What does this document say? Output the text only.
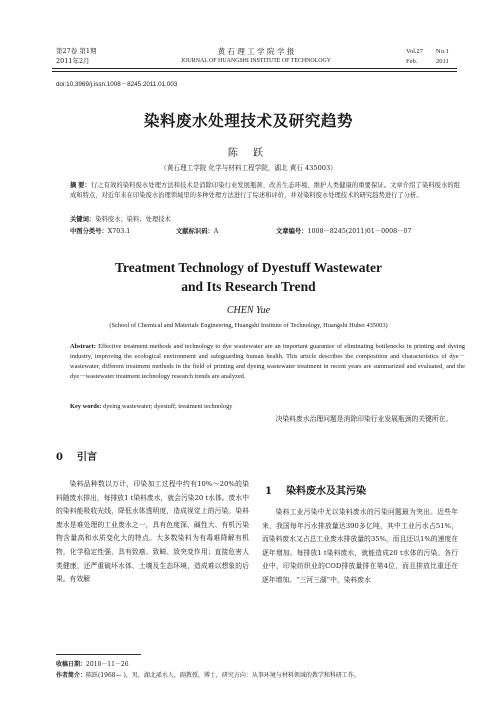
第27卷 第1期
2011年2月
黄 石 理 工 学 院 学 报
JOURNAL OF HUANGSHI INSTITUTE OF TECHNOLOGY
Vol.27 No.1
Feb.	2011
doi:10.3969/j.issn.1008－8245.2011.01.003
染料废水处理技术及研究趋势
陈 跃
（黄石理工学院 化学与材料工程学院，湖北 黄石 435003）
摘 要：行之有效的染料废水处理方法和技术是消除印染行业发展瓶颈、改善生态环境、维护人类健康的重要保证。文章介绍了染料废水的组成和特点，对近年来在印染废水治理领域里的多种处理方法进行了综述和评价，并对染料废水处理技术的研究趋势进行了分析。
关键词：染料废水；染料；处理技术
中图分类号：X703.1	文献标识码：A	文章编号：1008－8245(2011)01－0008－07
Treatment Technology of Dyestuff Wastewater
and Its Research Trend
CHEN Yue
(School of Chemical and Materials Engineering, Huangshi Institute of Technology, Huangshi Hubei 435003)
Abstract: Effective treatment methods and technology to dye wastewater are an important guarantee of eliminating bottlenecks in printing and dyeing industry, improving the ecological environment and safeguarding human health. This article describes the composition and characteristics of dye－wastewater, different treatment methods in the field of printing and dyeing wastewater treatment in recent years are summarized and evaluated, and the dye－wastewater treatment technology research trends are analyzed.
Key words: dyeing wastewater; dyestuff; treatment technology
0 引言
染料品种数以万计，印染加工过程中约有10%～20%的染料随废水排出，每排放1 t染料废水，就会污染20 t水体。废水中的染料能吸收光线，降低水体透明度，造成视觉上的污染。染料废水是难处理的工业废水之一，具有色度深、碱性大、有机污染物含量高和水质变化大的特点。大多数染料为有毒难降解有机物，化学稳定性强，具有致癌、致畸、致突变作用；直接危害人类健康，还严重破坏水体、土壤及生态环境，造成难以想象的后果。有效解
决染料废水治理问题是消除印染行业发展瓶颈的关键所在。
1 染料废水及其污染
染料工业污染中尤以染料废水的污染问题最为突出。近些年来，我国每年污水排放量达390多亿吨，其中工业污水占51%，而染料废水又占总工业废水排放量的35%，而且还以1%的速度在逐年增加。每排放1 t染料废水，就能造成20 t水体的污染。各行业中，印染纺织业的COD排放量排在第4位，而且排放比重还在逐年增加。“三河三湖”中，染料废水
收稿日期：2010－11－26
作者简介：陈跃(1968— )，男，湖北浠水人，副教授，博士，研究方向：从事环境与材料领域的教学和科研工作。
